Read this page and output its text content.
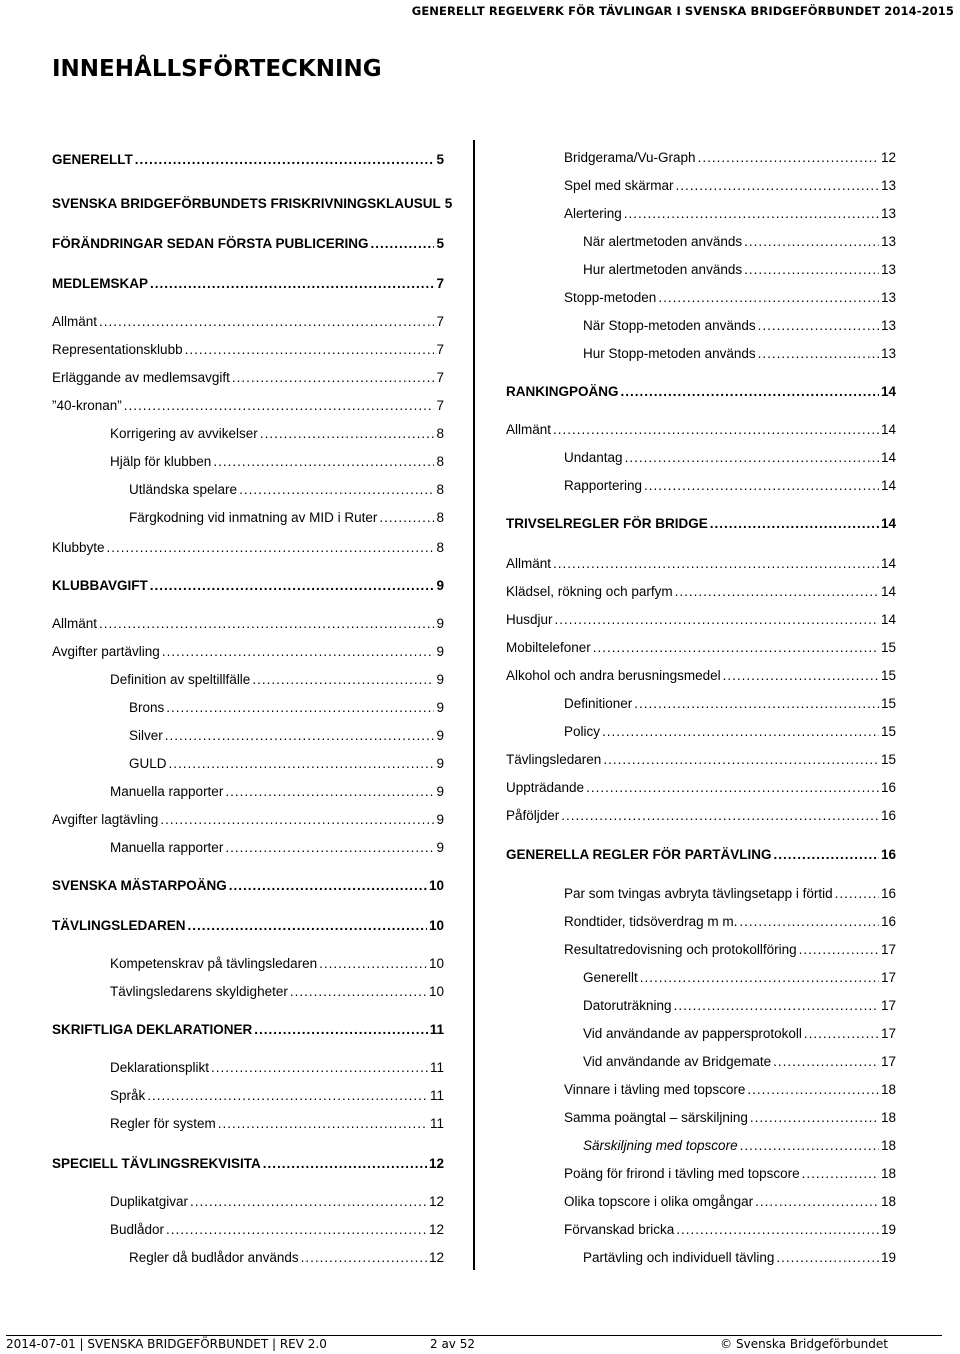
GENERELLT REGELVERK FÖR TÄVLINGAR I SVENSKA BRIDGEFÖRBUNDET 2014-2015
INNEHÅLLSFÖRTECKNING
GENERELLT .....	5
SVENSKA BRIDGEFÖRBUNDETS FRISKRIVNINGSKLAUSUL 5
FÖRÄNDRINGAR SEDAN FÖRSTA PUBLICERING .....	5
MEDLEMSKAP .....	7
Allmänt .....	7
Representationsklubb .....	7
Erläggande av medlemsavgift .....	7
”40-kronan” .....	7
Korrigering av avvikelser .....	8
Hjälp för klubben .....	8
Utländska spelare .....	8
Färgkodning vid inmatning av MID i Ruter .....	8
Klubbyte .....	8
KLUBBAVGIFT .....	9
Allmänt .....	9
Avgifter partävling .....	9
Definition av speltillfälle .....	9
Brons .....	9
Silver .....	9
GULD .....	9
Manuella rapporter .....	9
Avgifter lagtävling .....	9
Manuella rapporter .....	9
SVENSKA MÄSTARPOÄNG .....	10
TÄVLINGSLEDAREN .....	10
Kompetenskrav på tävlingsledaren .....	10
Tävlingsledarens skyldigheter .....	10
SKRIFTLIGA DEKLARATIONER .....	11
Deklarationsplikt .....	11
Språk .....	11
Regler för system .....	11
SPECIELL TÄVLINGSREKVISITA .....	12
Duplikatgivar .....	12
Budlådor .....	12
Regler då budlådor används .....	12
Bridgerama/Vu-Graph .....	12
Spel med skärmar .....	13
Alertering .....	13
När alertmetoden används .....	13
Hur alertmetoden används .....	13
Stopp-metoden .....	13
När Stopp-metoden används .....	13
Hur Stopp-metoden används .....	13
RANKINGPOÄNG .....	14
Allmänt .....	14
Undantag .....	14
Rapportering .....	14
TRIVSELREGLER FÖR BRIDGE .....	14
Allmänt .....	14
Klädsel, rökning och parfym .....	14
Husdjur .....	14
Mobiltelefoner .....	15
Alkohol och andra berusningsmedel .....	15
Definitioner .....	15
Policy .....	15
Tävlingsledaren .....	15
Uppträdande .....	16
Påföljder .....	16
GENERELLA REGLER FÖR PARTÄVLING .....	16
Par som tvingas avbryta tävlingsetapp i förtid .....	16
Rondtider, tidsöverdrag m m. .....	16
Resultatredovisning och protokollföring .....	17
Generellt .....	17
Datoruträkning .....	17
Vid användande av pappersprotokoll .....	17
Vid användande av Bridgemate .....	17
Vinnare i tävling med topscore .....	18
Samma poängtal – särskiljning .....	18
Särskiljning med topscore .....	18
Poäng för frirond i tävling med topscore .....	18
Olika topscore i olika omgångar .....	18
Förvanskad bricka .....	19
Partävling och individuell tävling .....	19
2014-07-01 | SVENSKA BRIDGEFÖRBUNDET | REV 2.0	2 av 52	© Svenska Bridgeförbundet
